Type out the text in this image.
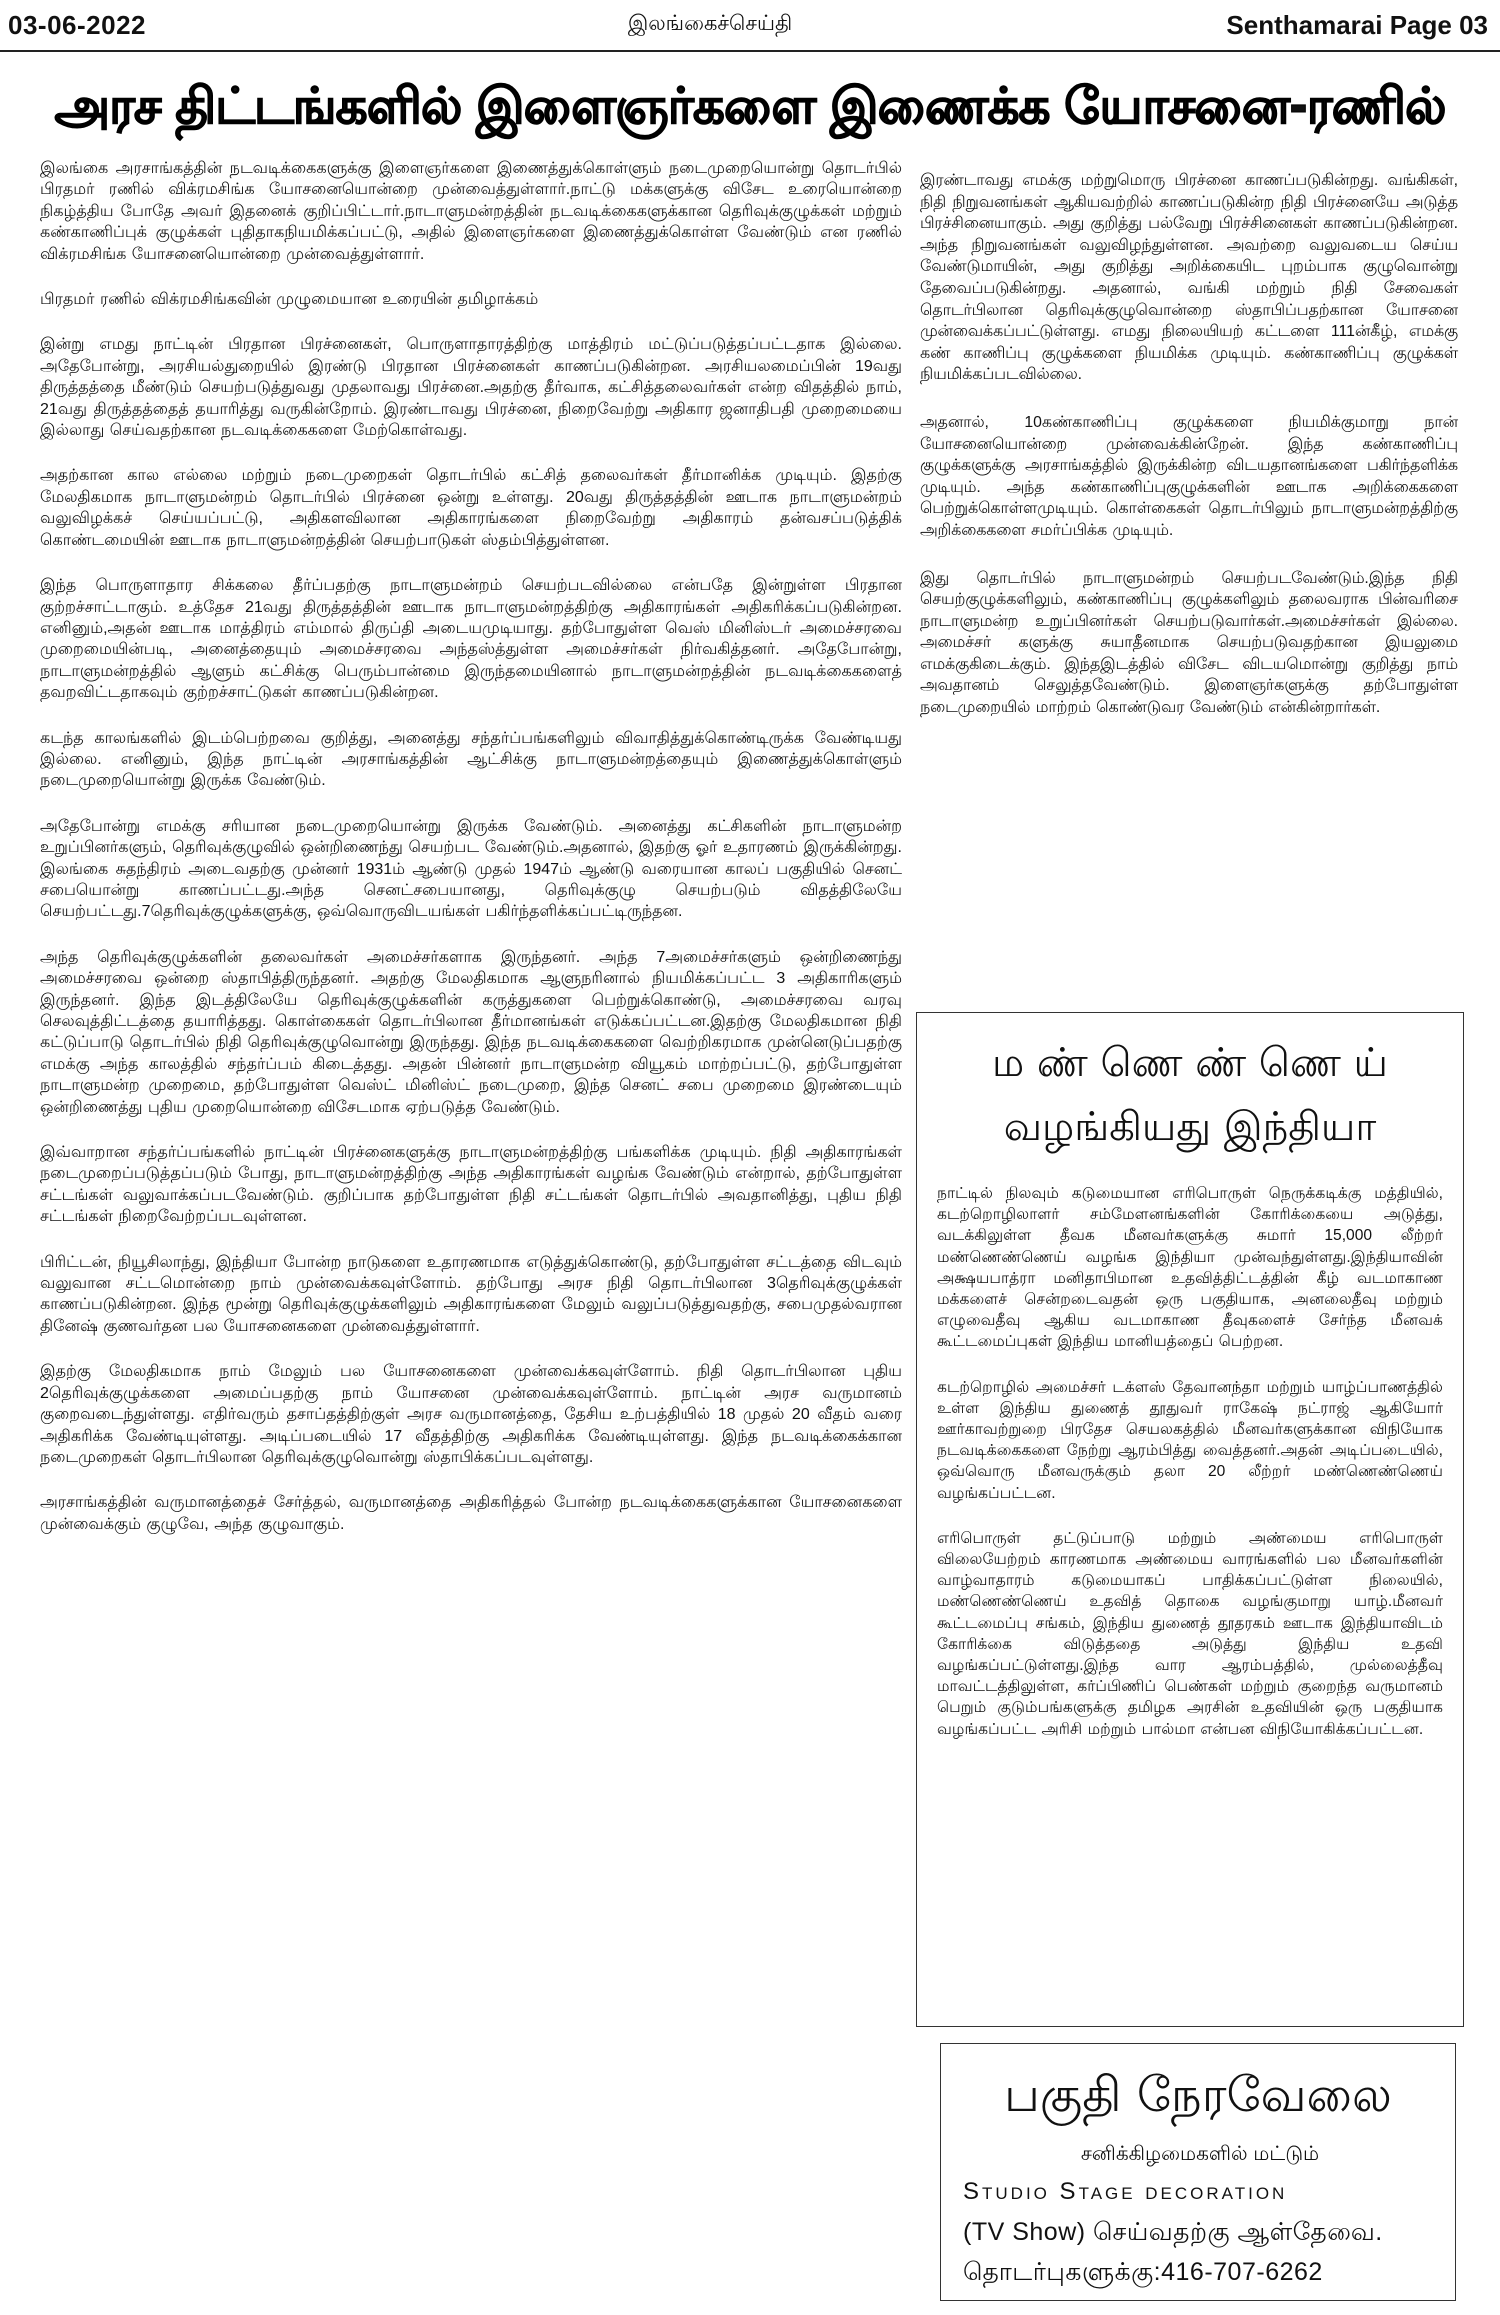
03-06-2022	இலங்கைச்செய்தி	Senthamarai Page 03
அரச திட்டங்களில் இளைஞர்களை இணைக்க யோசனை-ரணில்

இலங்கை அரசாங்கத்தின் நடவடிக்கைகளுக்கு இளைஞர்களை இணைத்துக்கொள்ளும் நடைமுறையொன்று தொடர்பில் பிரதமர் ரணில் விக்ரமசிங்க யோசனையொன்றை முன்வைத்துள்ளார்.நாட்டு மக்களுக்கு விசேட உரையொன்றை நிகழ்த்திய போதே அவர் இதனைக் குறிப்பிட்டார்.நாடாளுமன்றத்தின் நடவடிக்கைகளுக்கான தெரிவுக்குழுக்கள் மற்றும் கண்காணிப்புக் குழுக்கள் புதிதாகநியமிக்கப்பட்டு, அதில் இளைஞர்களை இணைத்துக்கொள்ள வேண்டும் என ரணில் விக்ரமசிங்க யோசனையொன்றை முன்வைத்துள்ளார்.

பிரதமர் ரணில் விக்ரமசிங்கவின் முழுமையான உரையின் தமிழாக்கம்

இன்று எமது நாட்டின் பிரதான பிரச்னைகள், பொருளாதாரத்திற்கு மாத்திரம் மட்டுப்படுத்தப்பட்டதாக இல்லை. அதேபோன்று, அரசியல்துறையில் இரண்டு பிரதான பிரச்னைகள் காணப்படுகின்றன. அரசியலமைப்பின் 19வது திருத்தத்தை மீண்டும் செயற்படுத்துவது முதலாவது பிரச்னை.அதற்கு தீர்வாக, கட்சித்தலைவர்கள் என்ற விதத்தில் நாம், 21வது திருத்தத்தைத் தயாரித்து வருகின்றோம். இரண்டாவது பிரச்னை, நிறைவேற்று அதிகார ஜனாதிபதி முறைமையை இல்லாது செய்வதற்கான நடவடிக்கைகளை மேற்கொள்வது.

அதற்கான கால எல்லை மற்றும் நடைமுறைகள் தொடர்பில் கட்சித் தலைவர்கள் தீர்மானிக்க முடியும். இதற்கு மேலதிகமாக நாடாளுமன்றம் தொடர்பில் பிரச்னை ஒன்று உள்ளது. 20வது திருத்தத்தின் ஊடாக நாடாளுமன்றம் வலுவிழக்கச் செய்யப்பட்டு, அதிகளவிலான அதிகாரங்களை நிறைவேற்று அதிகாரம் தன்வசப்படுத்திக் கொண்டமையின் ஊடாக நாடாளுமன்றத்தின் செயற்பாடுகள் ஸ்தம்பித்துள்ளன.

இந்த பொருளாதார சிக்கலை தீர்ப்பதற்கு நாடாளுமன்றம் செயற்படவில்லை என்பதே இன்றுள்ள பிரதான குற்றச்சாட்டாகும். உத்தேச 21வது திருத்தத்தின் ஊடாக நாடாளுமன்றத்திற்கு அதிகாரங்கள் அதிகரிக்கப்படுகின்றன. எனினும்,அதன் ஊடாக மாத்திரம் எம்மால் திருப்தி அடையமுடியாது. தற்போதுள்ள வெஸ் மினிஸ்டர் அமைச்சரவை முறைமையின்படி, அனைத்தையும் அமைச்சரவை அந்தஸ்த்துள்ள அமைச்சர்கள் நிர்வகித்தனர். அதேபோன்று, நாடாளுமன்றத்தில் ஆளும் கட்சிக்கு பெரும்பான்மை இருந்தமையினால் நாடாளுமன்றத்தின் நடவடிக்கைகளைத் தவறவிட்டதாகவும் குற்றச்சாட்டுகள் காணப்படுகின்றன.

கடந்த காலங்களில் இடம்பெற்றவை குறித்து, அனைத்து சந்தர்ப்பங்களிலும் விவாதித்துக்கொண்டிருக்க வேண்டியது இல்லை. எனினும், இந்த நாட்டின் அரசாங்கத்தின் ஆட்சிக்கு நாடாளுமன்றத்தையும் இணைத்துக்கொள்ளும் நடைமுறையொன்று இருக்க வேண்டும்.

அதேபோன்று எமக்கு சரியான நடைமுறையொன்று இருக்க வேண்டும். அனைத்து கட்சிகளின் நாடாளுமன்ற உறுப்பினர்களும், தெரிவுக்குழுவில் ஒன்றிணைந்து செயற்பட வேண்டும்.அதனால், இதற்கு ஓர் உதாரணம் இருக்கின்றது. இலங்கை சுதந்திரம் அடைவதற்கு முன்னர் 1931ம் ஆண்டு முதல் 1947ம் ஆண்டு வரையான காலப் பகுதியில் செனட் சபையொன்று காணப்பட்டது.அந்த செனட்சபையானது, தெரிவுக்குழு செயற்படும் விதத்திலேயே செயற்பட்டது.7தெரிவுக்குழுக்களுக்கு, ஒவ்வொருவிடயங்கள் பகிர்ந்தளிக்கப்பட்டிருந்தன.

அந்த தெரிவுக்குழுக்களின் தலைவர்கள் அமைச்சர்களாக இருந்தனர். அந்த 7அமைச்சர்களும் ஒன்றிணைந்து அமைச்சரவை ஒன்றை ஸ்தாபித்திருந்தனர். அதற்கு மேலதிகமாக ஆளுநரினால் நியமிக்கப்பட்ட 3 அதிகாரிகளும் இருந்தனர். இந்த இடத்திலேயே தெரிவுக்குழுக்களின் கருத்துகளை பெற்றுக்கொண்டு, அமைச்சரவை வரவு செலவுத்திட்டத்தை தயாரித்தது. கொள்கைகள் தொடர்பிலான தீர்மானங்கள் எடுக்கப்பட்டன.இதற்கு மேலதிகமான நிதி கட்டுப்பாடு தொடர்பில் நிதி தெரிவுக்குழுவொன்று இருந்தது. இந்த நடவடிக்கைகளை வெற்றிகரமாக முன்னெடுப்பதற்கு எமக்கு அந்த காலத்தில் சந்தர்ப்பம் கிடைத்தது. அதன் பின்னர் நாடாளுமன்ற வியூகம் மாற்றப்பட்டு, தற்போதுள்ள நாடாளுமன்ற முறைமை, தற்போதுள்ள வெஸ்ட் மினிஸ்ட் நடைமுறை, இந்த செனட் சபை முறைமை இரண்டையும் ஒன்றிணைத்து புதிய முறையொன்றை விசேடமாக ஏற்படுத்த வேண்டும்.

இவ்வாறான சந்தர்ப்பங்களில் நாட்டின் பிரச்னைகளுக்கு நாடாளுமன்றத்திற்கு பங்களிக்க முடியும். நிதி அதிகாரங்கள் நடைமுறைப்படுத்தப்படும் போது, நாடாளுமன்றத்திற்கு அந்த அதிகாரங்கள் வழங்க வேண்டும் என்றால், தற்போதுள்ள சட்டங்கள் வலுவாக்கப்படவேண்டும். குறிப்பாக தற்போதுள்ள நிதி சட்டங்கள் தொடர்பில் அவதானித்து, புதிய நிதி சட்டங்கள் நிறைவேற்றப்படவுள்ளன.

பிரிட்டன், நியூசிலாந்து, இந்தியா போன்ற நாடுகளை உதாரணமாக எடுத்துக்கொண்டு, தற்போதுள்ள சட்டத்தை விடவும் வலுவான சட்டமொன்றை நாம் முன்வைக்கவுள்ளோம். தற்போது அரச நிதி தொடர்பிலான 3தெரிவுக்குழுக்கள் காணப்படுகின்றன. இந்த மூன்று தெரிவுக்குழுக்களிலும் அதிகாரங்களை மேலும் வலுப்படுத்துவதற்கு, சபைமுதல்வரான தினேஷ் குணவர்தன பல யோசனைகளை முன்வைத்துள்ளார்.

இதற்கு மேலதிகமாக நாம் மேலும் பல யோசனைகளை முன்வைக்கவுள்ளோம். நிதி தொடர்பிலான புதிய 2தெரிவுக்குழுக்களை அமைப்பதற்கு நாம் யோசனை முன்வைக்கவுள்ளோம். நாட்டின் அரச வருமானம் குறைவடைந்துள்ளது. எதிர்வரும் தசாப்தத்திற்குள் அரச வருமானத்தை, தேசிய உற்பத்தியில் 18 முதல் 20 வீதம் வரை அதிகரிக்க வேண்டியுள்ளது. அடிப்படையில் 17 வீதத்திற்கு அதிகரிக்க வேண்டியுள்ளது. இந்த நடவடிக்கைக்கான நடைமுறைகள் தொடர்பிலான தெரிவுக்குழுவொன்று ஸ்தாபிக்கப்படவுள்ளது.

அரசாங்கத்தின் வருமானத்தைச் சேர்த்தல், வருமானத்தை அதிகரித்தல் போன்ற நடவடிக்கைகளுக்கான யோசனைகளை முன்வைக்கும் குழுவே, அந்த குழுவாகும்.

இரண்டாவது எமக்கு மற்றுமொரு பிரச்னை காணப்படுகின்றது. வங்கிகள், நிதி நிறுவனங்கள் ஆகியவற்றில் காணப்படுகின்ற நிதி பிரச்னையே அடுத்த பிரச்சினையாகும். அது குறித்து பல்வேறு பிரச்சினைகள் காணப்படுகின்றன. அந்த நிறுவனங்கள் வலுவிழந்துள்ளன. அவற்றை வலுவடைய செய்ய வேண்டுமாயின், அது குறித்து அறிக்கையிட புறம்பாக குழுவொன்று தேவைப்படுகின்றது. அதனால், வங்கி மற்றும் நிதி சேவைகள் தொடர்பிலான தெரிவுக்குழுவொன்றை ஸ்தாபிப்பதற்கான யோசனை முன்வைக்கப்பட்டுள்ளது. எமது நிலையியற் கட்டளை 111ன்கீழ், எமக்கு கண் காணிப்பு குழுக்களை நியமிக்க முடியும். கண்காணிப்பு குழுக்கள் நியமிக்கப்படவில்லை.

அதனால், 10கண்காணிப்பு குழுக்களை நியமிக்குமாறு நான் யோசனையொன்றை முன்வைக்கின்றேன். இந்த கண்காணிப்பு குழுக்களுக்கு அரசாங்கத்தில் இருக்கின்ற விடயதானங்களை பகிர்ந்தளிக்க முடியும். அந்த கண்காணிப்புகுழுக்களின் ஊடாக அறிக்கைகளை பெற்றுக்கொள்ளமுடியும். கொள்கைகள் தொடர்பிலும் நாடாளுமன்றத்திற்கு அறிக்கைகளை சமர்ப்பிக்க முடியும்.

இது தொடர்பில் நாடாளுமன்றம் செயற்படவேண்டும்.இந்த நிதி செயற்குழுக்களிலும், கண்காணிப்பு குழுக்களிலும் தலைவராக பின்வரிசை நாடாளுமன்ற உறுப்பினர்கள் செயற்படுவார்கள்.அமைச்சர்கள் இல்லை. அமைச்சர் களுக்கு சுயாதீனமாக செயற்படுவதற்கான இயலுமை எமக்குகிடைக்கும். இந்தஇடத்தில் விசேட விடயமொன்று குறித்து நாம் அவதானம் செலுத்தவேண்டும். இளைஞர்களுக்கு தற்போதுள்ள நடைமுறையில் மாற்றம் கொண்டுவர வேண்டும் என்கின்றார்கள்.

ம ண் ணெ ண் ணெ ய் வழங்கியது இந்தியா

நாட்டில் நிலவும் கடுமையான எரிபொருள் நெருக்கடிக்கு மத்தியில், கடற்றொழிலாளர் சம்மேளனங்களின் கோரிக்கையை அடுத்து, வடக்கிலுள்ள தீவக மீனவர்களுக்கு சுமார் 15,000 லீற்றர் மண்ணெண்ணெய் வழங்க இந்தியா முன்வந்துள்ளது.இந்தியாவின் அக்ஷயபாத்ரா மனிதாபிமான உதவித்திட்டத்தின் கீழ் வடமாகாண மக்களைச் சென்றடைவதன் ஒரு பகுதியாக, அனலைதீவு மற்றும் எழுவைதீவு ஆகிய வடமாகாண தீவுகளைச் சேர்ந்த மீனவக் கூட்டமைப்புகள் இந்திய மானியத்தைப் பெற்றன.

கடற்றொழில் அமைச்சர் டக்ளஸ் தேவானந்தா மற்றும் யாழ்ப்பாணத்தில் உள்ள இந்திய துணைத் தூதுவர் ராகேஷ் நட்ராஜ் ஆகியோர் ஊர்காவற்றுறை பிரதேச செயலகத்தில் மீனவர்களுக்கான விநியோக நடவடிக்கைகளை நேற்று ஆரம்பித்து வைத்தனர்.அதன் அடிப்படையில், ஒவ்வொரு மீனவருக்கும் தலா 20 லீற்றர் மண்ணெண்ணெய் வழங்கப்பட்டன.

எரிபொருள் தட்டுப்பாடு மற்றும் அண்மைய எரிபொருள் விலையேற்றம் காரணமாக அண்மைய வாரங்களில் பல மீனவர்களின் வாழ்வாதாரம் கடுமையாகப் பாதிக்கப்பட்டுள்ள நிலையில், மண்ணெண்ணெய் உதவித் தொகை வழங்குமாறு யாழ்.மீனவர் கூட்டமைப்பு சங்கம், இந்திய துணைத் தூதரகம் ஊடாக இந்தியாவிடம் கோரிக்கை விடுத்ததை அடுத்து இந்திய உதவி வழங்கப்பட்டுள்ளது.இந்த வார ஆரம்பத்தில், முல்லைத்தீவு மாவட்டத்திலுள்ள, கர்ப்பிணிப் பெண்கள் மற்றும் குறைந்த வருமானம் பெறும் குடும்பங்களுக்கு தமிழக அரசின் உதவியின் ஒரு பகுதியாக வழங்கப்பட்ட அரிசி மற்றும் பால்மா என்பன விநியோகிக்கப்பட்டன.

பகுதி நேரவேலை
சனிக்கிழமைகளில் மட்டும்
Studio Stage decoration
(TV Show) செய்வதற்கு ஆள்தேவை.
தொடர்புகளுக்கு:416-707-6262
